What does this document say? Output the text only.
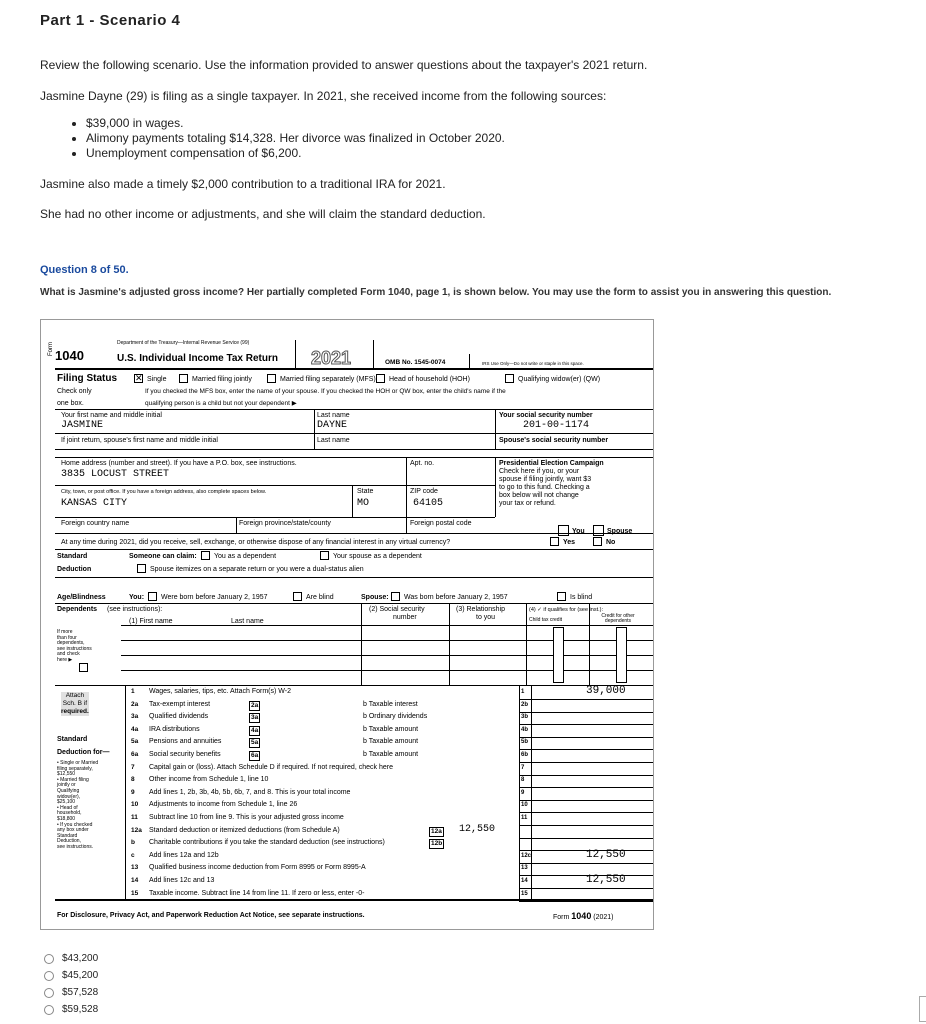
Part 1 - Scenario 4
Review the following scenario. Use the information provided to answer questions about the taxpayer's 2021 return.
Jasmine Dayne (29) is filing as a single taxpayer. In 2021, she received income from the following sources:
• $39,000 in wages.
• Alimony payments totaling $14,328. Her divorce was finalized in October 2020.
• Unemployment compensation of $6,200.
Jasmine also made a timely $2,000 contribution to a traditional IRA for 2021.
She had no other income or adjustments, and she will claim the standard deduction.
Question 8 of 50.
What is Jasmine's adjusted gross income? Her partially completed Form 1040, page 1, is shown below. You may use the form to assist you in answering this question.
Form 1040
Department of the Treasury—Internal Revenue Service (99)
U.S. Individual Income Tax Return 2021	OMB No. 1545-0074	IRS Use Only—Do not write or staple in this space.
Filing Status ✕ Single	Married filing jointly	Married filing separately (MFS) Head of household (HOH)	Qualifying widow(er) (QW)
Check only
one box.
If you checked the MFS box, enter the name of your spouse. If you checked the HOH or QW box, enter the child's name if the
qualifying person is a child but not your dependent ▶
Your first name and middle initial
JASMINE
Last name
DAYNE
Your social security number
201-00-1174
If joint return, spouse's first name and middle initial	Last name	Spouse's social security number
Home address (number and street). If you have a P.O. box, see instructions.
3835 LOCUST STREET
Apt. no.	Presidential Election Campaign
Check here if you, or your
spouse if filing jointly, want $3
to go to this fund. Checking a
box below will not change
your tax or refund.
City, town, or post office. If you have a foreign address, also complete spaces below.
KANSAS CITY
State
MO
ZIP code
64105
Foreign country name	Foreign province/state/county	Foreign postal code
You	Spouse
At any time during 2021, did you receive, sell, exchange, or otherwise dispose of any financial interest in any virtual currency?	Yes	No
Standard
Deduction
Someone can claim: You as a dependent	Your spouse as a dependent
Spouse itemizes on a separate return or you were a dual-status alien
Age/Blindness	You: Were born before January 2, 1957	Are blind	Spouse: Was born before January 2, 1957	Is blind
Dependents (see instructions):
(1) First name	Last name
(2) Social security
number
(3) Relationship
to you
(4) ✓ if qualifies for (see inst.):
Child tax credit
Credit for other dependents
If more
than four
dependents,
see instructions
and check
here ▶
Attach
Sch. B if
required.
Standard
Deduction for—
• Single or Married
filing separately,
$12,550
• Married filing
jointly or
Qualifying
widow(er),
$25,100
• Head of
household,
$18,800
• If you checked
any box under
Standard
Deduction,
see instructions.
1 Wages, salaries, tips, etc. Attach Form(s) W-2	1	39,000
2a Tax-exempt interest	2a	b Taxable interest	2b
3a Qualified dividends	3a	b Ordinary dividends	3b
4a IRA distributions	4a	b Taxable amount	4b
5a Pensions and annuities	5a	b Taxable amount	5b
6a Social security benefits	6a	b Taxable amount	6b
7 Capital gain or (loss). Attach Schedule D if required. If not required, check here	7
8 Other income from Schedule 1, line 10	8
9 Add lines 1, 2b, 3b, 4b, 5b, 6b, 7, and 8. This is your total income	9
10 Adjustments to income from Schedule 1, line 26	10
11 Subtract line 10 from line 9. This is your adjusted gross income	11
12a Standard deduction or itemized deductions (from Schedule A)	12a 12,550
b Charitable contributions if you take the standard deduction (see instructions)	12b
c Add lines 12a and 12b	12c	12,550
13 Qualified business income deduction from Form 8995 or Form 8995-A	13
14 Add lines 12c and 13	14	12,550
15 Taxable income. Subtract line 14 from line 11. If zero or less, enter -0-	15
For Disclosure, Privacy Act, and Paperwork Reduction Act Notice, see separate instructions.	Form 1040 (2021)
$43,200
$45,200
$57,528
$59,528
